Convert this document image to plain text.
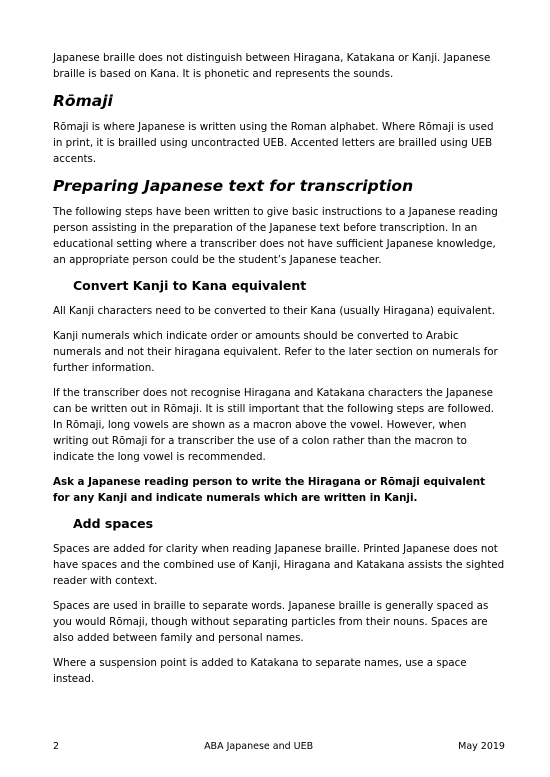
Japanese braille does not distinguish between Hiragana, Katakana or Kanji. Japanese braille is based on Kana. It is phonetic and represents the sounds.

Rōmaji

Rōmaji is where Japanese is written using the Roman alphabet. Where Rōmaji is used in print, it is brailled using uncontracted UEB. Accented letters are brailled using UEB accents.

Preparing Japanese text for transcription

The following steps have been written to give basic instructions to a Japanese reading person assisting in the preparation of the Japanese text before transcription. In an educational setting where a transcriber does not have sufficient Japanese knowledge, an appropriate person could be the student’s Japanese teacher.

Convert Kanji to Kana equivalent

All Kanji characters need to be converted to their Kana (usually Hiragana) equivalent.

Kanji numerals which indicate order or amounts should be converted to Arabic numerals and not their hiragana equivalent. Refer to the later section on numerals for further information.

If the transcriber does not recognise Hiragana and Katakana characters the Japanese can be written out in Rōmaji. It is still important that the following steps are followed. In Rōmaji, long vowels are shown as a macron above the vowel. However, when writing out Rōmaji for a transcriber the use of a colon rather than the macron to indicate the long vowel is recommended.

Ask a Japanese reading person to write the Hiragana or Rōmaji equivalent for any Kanji and indicate numerals which are written in Kanji.

Add spaces

Spaces are added for clarity when reading Japanese braille. Printed Japanese does not have spaces and the combined use of Kanji, Hiragana and Katakana assists the sighted reader with context.

Spaces are used in braille to separate words. Japanese braille is generally spaced as you would Rōmaji, though without separating particles from their nouns. Spaces are also added between family and personal names.

Where a suspension point is added to Katakana to separate names, use a space instead.

2	ABA Japanese and UEB	May 2019
